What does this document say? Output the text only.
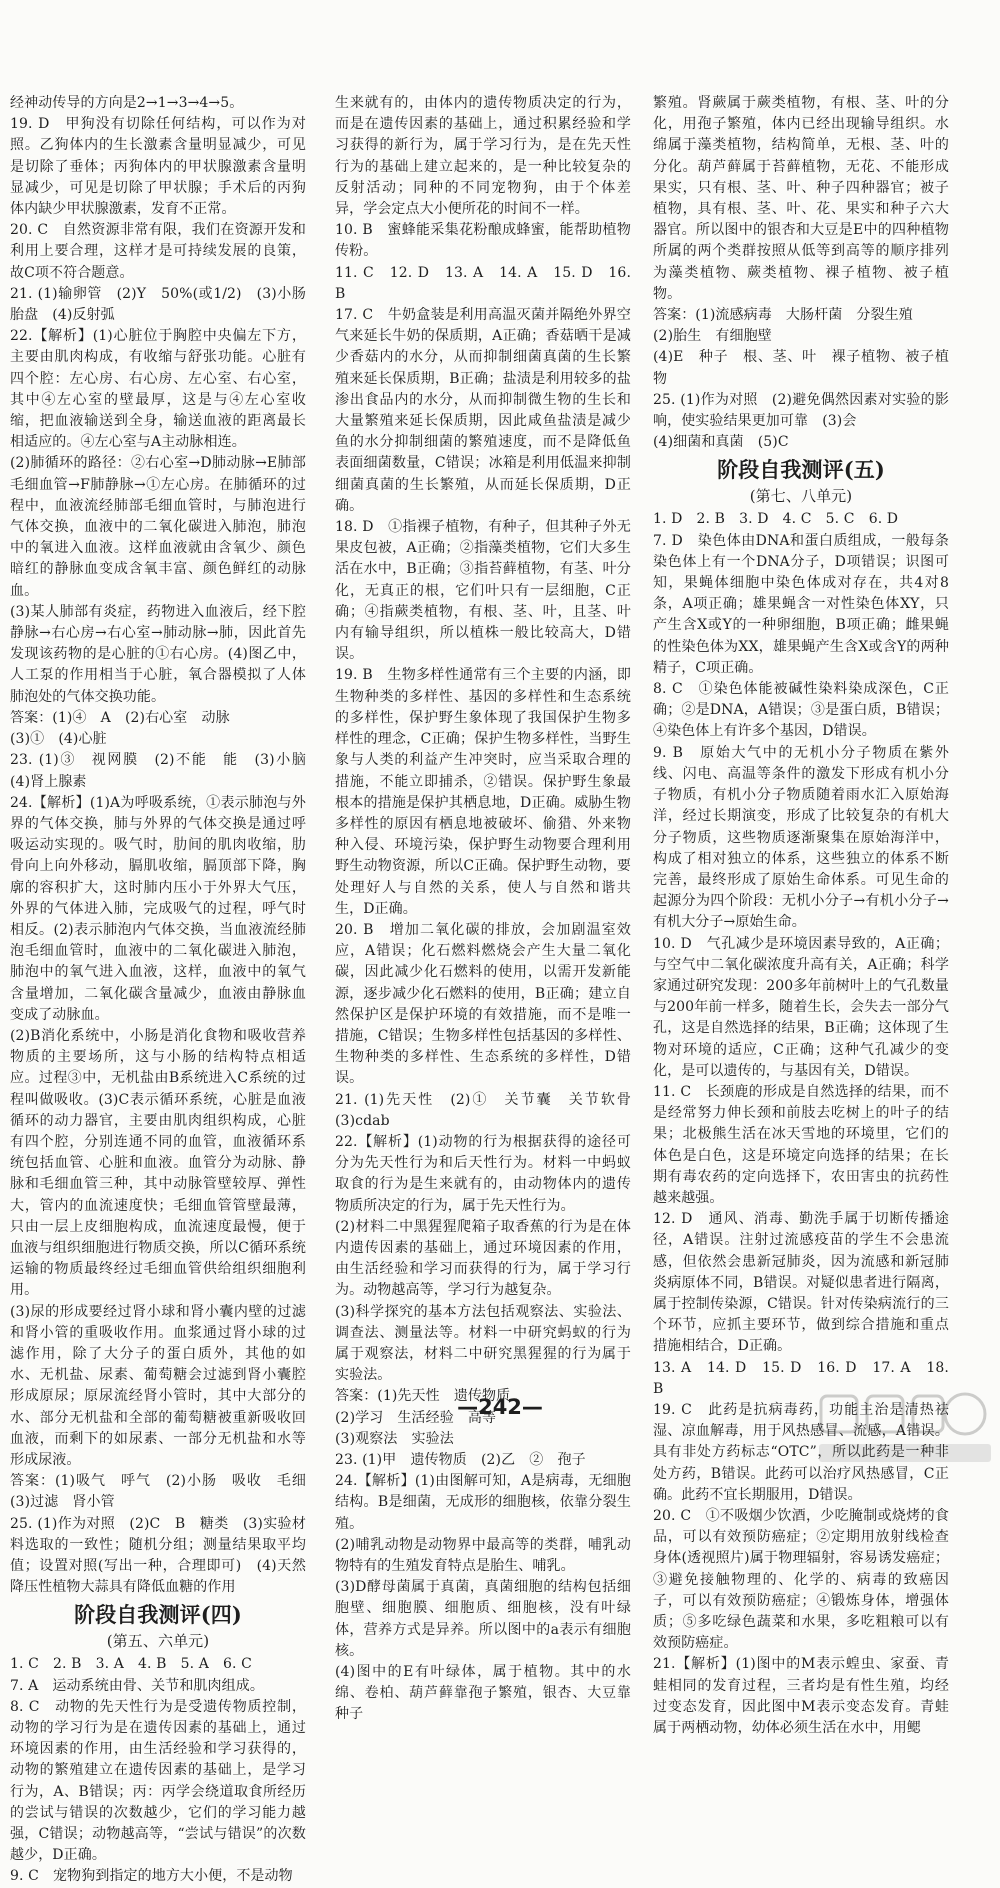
经神动传导的方向是2→1→3→4→5。

19. D　甲狗没有切除任何结构，可以作为对照。乙狗体内的生长激素含量明显减少，可见是切除了垂体；丙狗体内的甲状腺激素含量明显减少，可见是切除了甲状腺；手术后的丙狗体内缺少甲状腺激素，发育不正常。

20. C　自然资源非常有限，我们在资源开发和利用上要合理，这样才是可持续发展的良策，故C项不符合题意。

21. (1)输卵管　(2)Y　50%(或1/2)　(3)小肠　胎盘　(4)反射弧

22.【解析】(1)心脏位于胸腔中央偏左下方，主要由肌肉构成，有收缩与舒张功能。心脏有四个腔：左心房、右心房、左心室、右心室，其中④左心室的壁最厚，这是与④左心室收缩，把血液输送到全身，输送血液的距离最长相适应的。④左心室与A主动脉相连。

(2)肺循环的路径：②右心室→D肺动脉→E肺部毛细血管→F肺静脉→①左心房。在肺循环的过程中，血液流经肺部毛细血管时，与肺泡进行气体交换，血液中的二氧化碳进入肺泡，肺泡中的氧进入血液。这样血液就由含氧少、颜色暗红的静脉血变成含氧丰富、颜色鲜红的动脉血。

(3)某人肺部有炎症，药物进入血液后，经下腔静脉→右心房→右心室→肺动脉→肺，因此首先发现该药物的是心脏的①右心房。(4)图乙中，人工泵的作用相当于心脏，氧合器模拟了人体肺泡处的气体交换功能。

答案：(1)④　A　(2)右心室　动脉

(3)①　(4)心脏

23. (1)③　视网膜　(2)不能　能　(3)小脑　(4)肾上腺素

24.【解析】(1)A为呼吸系统，①表示肺泡与外界的气体交换，肺与外界的气体交换是通过呼吸运动实现的。吸气时，肋间的肌肉收缩，肋骨向上向外移动，膈肌收缩，膈顶部下降，胸廓的容积扩大，这时肺内压小于外界大气压，外界的气体进入肺，完成吸气的过程，呼气时相反。(2)表示肺泡内气体交换，当血液流经肺泡毛细血管时，血液中的二氧化碳进入肺泡，肺泡中的氧气进入血液，这样，血液中的氧气含量增加，二氧化碳含量减少，血液由静脉血变成了动脉血。

(2)B消化系统中，小肠是消化食物和吸收营养物质的主要场所，这与小肠的结构特点相适应。过程③中，无机盐由B系统进入C系统的过程叫做吸收。(3)C表示循环系统，心脏是血液循环的动力器官，主要由肌肉组织构成，心脏有四个腔，分别连通不同的血管，血液循环系统包括血管、心脏和血液。血管分为动脉、静脉和毛细血管三种，其中动脉管壁较厚、弹性大，管内的血流速度快；毛细血管管壁最薄，只由一层上皮细胞构成，血流速度最慢，便于血液与组织细胞进行物质交换，所以C循环系统运输的物质最终经过毛细血管供给组织细胞利用。

(3)尿的形成要经过肾小球和肾小囊内壁的过滤和肾小管的重吸收作用。血浆通过肾小球的过滤作用，除了大分子的蛋白质外，其他的如水、无机盐、尿素、葡萄糖会过滤到肾小囊腔形成原尿；原尿流经肾小管时，其中大部分的水、部分无机盐和全部的葡萄糖被重新吸收回血液，而剩下的如尿素、一部分无机盐和水等形成尿液。

答案：(1)吸气　呼气　(2)小肠　吸收　毛细　(3)过滤　肾小管

25. (1)作为对照　(2)C　B　糖类　(3)实验材料选取的一致性；随机分组；测量结果取平均值；设置对照(写出一种，合理即可)　(4)天然降压性植物大蒜具有降低血糖的作用

阶段自我测评(四)
(第五、六单元)

1. C　2. B　3. A　4. B　5. A　6. C

7. A　运动系统由骨、关节和肌肉组成。

8. C　动物的先天性行为是受遗传物质控制，动物的学习行为是在遗传因素的基础上，通过环境因素的作用，由生活经验和学习获得的，动物的繁殖建立在遗传因素的基础上，是学习行为，A、B错误；丙：丙学会绕道取食所经历的尝试与错误的次数越少，它们的学习能力越强，C错误；动物越高等，“尝试与错误”的次数越少，D正确。

9. C　宠物狗到指定的地方大小便，不是动物

生来就有的，由体内的遗传物质决定的行为，而是在遗传因素的基础上，通过积累经验和学习获得的新行为，属于学习行为，是在先天性行为的基础上建立起来的，是一种比较复杂的反射活动；同种的不同宠物狗，由于个体差异，学会定点大小便所花的时间不一样。

10. B　蜜蜂能采集花粉酿成蜂蜜，能帮助植物传粉。

11. C　12. D　13. A　14. A　15. D　16. B

17. C　牛奶盒装是利用高温灭菌并隔绝外界空气来延长牛奶的保质期，A正确；香菇晒干是减少香菇内的水分，从而抑制细菌真菌的生长繁殖来延长保质期，B正确；盐渍是利用较多的盐渗出食品内的水分，从而抑制微生物的生长和大量繁殖来延长保质期，因此咸鱼盐渍是减少鱼的水分抑制细菌的繁殖速度，而不是降低鱼表面细菌数量，C错误；冰箱是利用低温来抑制细菌真菌的生长繁殖，从而延长保质期，D正确。

18. D　①指裸子植物，有种子，但其种子外无果皮包被，A正确；②指藻类植物，它们大多生活在水中，B正确；③指苔藓植物，有茎、叶分化，无真正的根，它们叶只有一层细胞，C正确；④指蕨类植物，有根、茎、叶，且茎、叶内有输导组织，所以植株一般比较高大，D错误。

19. B　生物多样性通常有三个主要的内涵，即生物种类的多样性、基因的多样性和生态系统的多样性，保护野生象体现了我国保护生物多样性的理念，C正确；保护生物多样性，当野生象与人类的利益产生冲突时，应当采取合理的措施，不能立即捕杀，②错误。保护野生象最根本的措施是保护其栖息地，D正确。威胁生物多样性的原因有栖息地被破坏、偷猎、外来物种入侵、环境污染，保护野生动物要合理利用野生动物资源，所以C正确。保护野生动物，要处理好人与自然的关系，使人与自然和谐共生，D正确。

20. B　增加二氧化碳的排放，会加剧温室效应，A错误；化石燃料燃烧会产生大量二氧化碳，因此减少化石燃料的使用，以需开发新能源，逐步减少化石燃料的使用，B正确；建立自然保护区是保护环境的有效措施，而不是唯一措施，C错误；生物多样性包括基因的多样性、生物种类的多样性、生态系统的多样性，D错误。

21. (1)先天性　(2)①　关节囊　关节软骨　(3)cdab

22.【解析】(1)动物的行为根据获得的途径可分为先天性行为和后天性行为。材料一中蚂蚁取食的行为是生来就有的，由动物体内的遗传物质所决定的行为，属于先天性行为。

(2)材料二中黑猩猩爬箱子取香蕉的行为是在体内遗传因素的基础上，通过环境因素的作用，由生活经验和学习而获得的行为，属于学习行为。动物越高等，学习行为越复杂。

(3)科学探究的基本方法包括观察法、实验法、调查法、测量法等。材料一中研究蚂蚁的行为属于观察法，材料二中研究黑猩猩的行为属于实验法。

答案：(1)先天性　遗传物质

(2)学习　生活经验　高等

(3)观察法　实验法

23. (1)甲　遗传物质　(2)乙　②　孢子

24.【解析】(1)由图解可知，A是病毒，无细胞结构。B是细菌，无成形的细胞核，依靠分裂生殖。

(2)哺乳动物是动物界中最高等的类群，哺乳动物特有的生殖发育特点是胎生、哺乳。

(3)D酵母菌属于真菌，真菌细胞的结构包括细胞壁、细胞膜、细胞质、细胞核，没有叶绿体，营养方式是异养。所以图中的a表示有细胞核。

(4)图中的E有叶绿体，属于植物。其中的水绵、卷柏、葫芦藓靠孢子繁殖，银杏、大豆靠种子

繁殖。肾蕨属于蕨类植物，有根、茎、叶的分化，用孢子繁殖，体内已经出现输导组织。水绵属于藻类植物，结构简单，无根、茎、叶的分化。葫芦藓属于苔藓植物，无花、不能形成果实，只有根、茎、叶、种子四种器官；被子植物，具有根、茎、叶、花、果实和种子六大器官。所以图中的银杏和大豆是E中的四种植物所属的两个类群按照从低等到高等的顺序排列为藻类植物、蕨类植物、裸子植物、被子植物。

答案：(1)流感病毒　大肠杆菌　分裂生殖

(2)胎生　有细胞壁

(4)E　种子　根、茎、叶　裸子植物、被子植物

25. (1)作为对照　(2)避免偶然因素对实验的影响，使实验结果更加可靠　(3)会

(4)细菌和真菌　(5)C

阶段自我测评(五)
(第七、八单元)

1. D　2. B　3. D　4. C　5. C　6. D

7. D　染色体由DNA和蛋白质组成，一般每条染色体上有一个DNA分子，D项错误；识图可知，果蝇体细胞中染色体成对存在，共4对8条，A项正确；雄果蝇含一对性染色体XY，只产生含X或Y的一种卵细胞，B项正确；雌果蝇的性染色体为XX，雄果蝇产生含X或含Y的两种精子，C项正确。

8. C　①染色体能被碱性染料染成深色，C正确；②是DNA，A错误；③是蛋白质，B错误；④染色体上有许多个基因，D错误。

9. B　原始大气中的无机小分子物质在紫外线、闪电、高温等条件的激发下形成有机小分子物质，有机小分子物质随着雨水汇入原始海洋，经过长期演变，形成了比较复杂的有机大分子物质，这些物质逐渐聚集在原始海洋中，构成了相对独立的体系，这些独立的体系不断完善，最终形成了原始生命体系。可见生命的起源分为四个阶段：无机小分子→有机小分子→有机大分子→原始生命。

10. D　气孔减少是环境因素导致的，A正确；与空气中二氧化碳浓度升高有关，A正确；科学家通过研究发现：200多年前树叶上的气孔数量与200年前一样多，随着生长，会失去一部分气孔，这是自然选择的结果，B正确；这体现了生物对环境的适应，C正确；这种气孔减少的变化，是可以遗传的，与基因有关，D错误。

11. C　长颈鹿的形成是自然选择的结果，而不是经常努力伸长颈和前肢去吃树上的叶子的结果；北极熊生活在冰天雪地的环境里，它们的体色是白色，这是环境定向选择的结果；在长期有毒农药的定向选择下，农田害虫的抗药性越来越强。

12. D　通风、消毒、勤洗手属于切断传播途径，A错误。注射过流感疫苗的学生不会患流感，但依然会患新冠肺炎，因为流感和新冠肺炎病原体不同，B错误。对疑似患者进行隔离，属于控制传染源，C错误。针对传染病流行的三个环节，应抓主要环节，做到综合措施和重点措施相结合，D正确。

13. A　14. D　15. D　16. D　17. A　18. B

19. C　此药是抗病毒药，功能主治是清热祛湿、凉血解毒，用于风热感冒、流感，A错误。具有非处方药标志“OTC”，所以此药是一种非处方药，B错误。此药可以治疗风热感冒，C正确。此药不宜长期服用，D错误。

20. C　①不吸烟少饮酒，少吃腌制或烧烤的食品，可以有效预防癌症；②定期用放射线检查身体(透视照片)属于物理辐射，容易诱发癌症；③避免接触物理的、化学的、病毒的致癌因子，可以有效预防癌症；④锻炼身体，增强体质；⑤多吃绿色蔬菜和水果，多吃粗粮可以有效预防癌症。

21.【解析】(1)图中的M表示蝗虫、家蚕、青蛙相同的发育过程，三者均是有性生殖，均经过变态发育，因此图中M表示变态发育。青蛙属于两栖动物，幼体必须生活在水中，用鳃

—242—
